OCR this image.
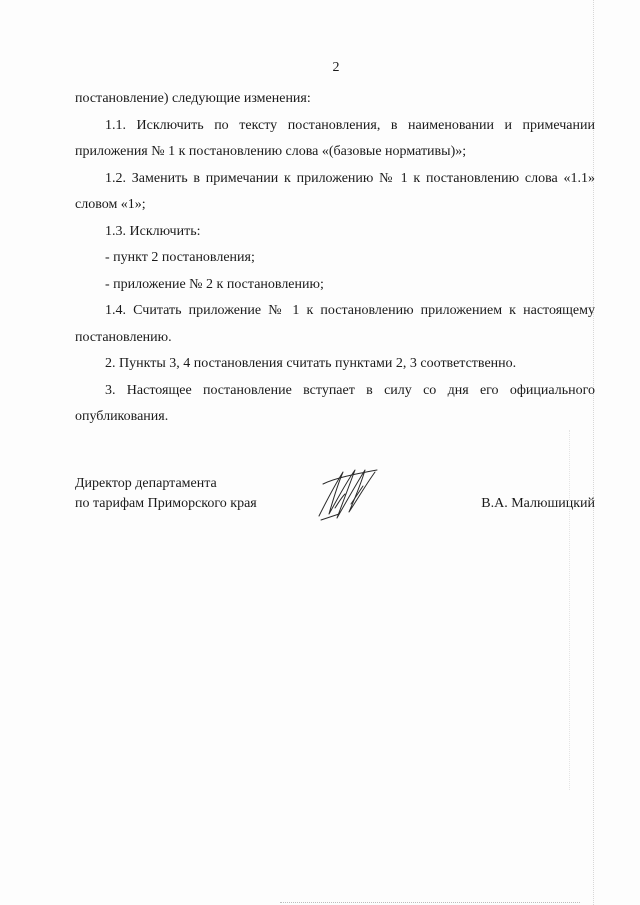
2

постановление) следующие изменения:

1.1. Исключить по тексту постановления, в наименовании и примечании приложения № 1 к постановлению слова «(базовые нормативы)»;

1.2. Заменить в примечании к приложению № 1 к постановлению слова «1.1» словом «1»;

1.3. Исключить:

- пункт 2 постановления;

- приложение № 2 к постановлению;

1.4. Считать приложение № 1 к постановлению приложением к настоящему постановлению.

2. Пункты 3, 4 постановления считать пунктами 2, 3 соответственно.

3. Настоящее постановление вступает в силу со дня его официального опубликования.

Директор департамента
по тарифам Приморского края	В.А. Малюшицкий
